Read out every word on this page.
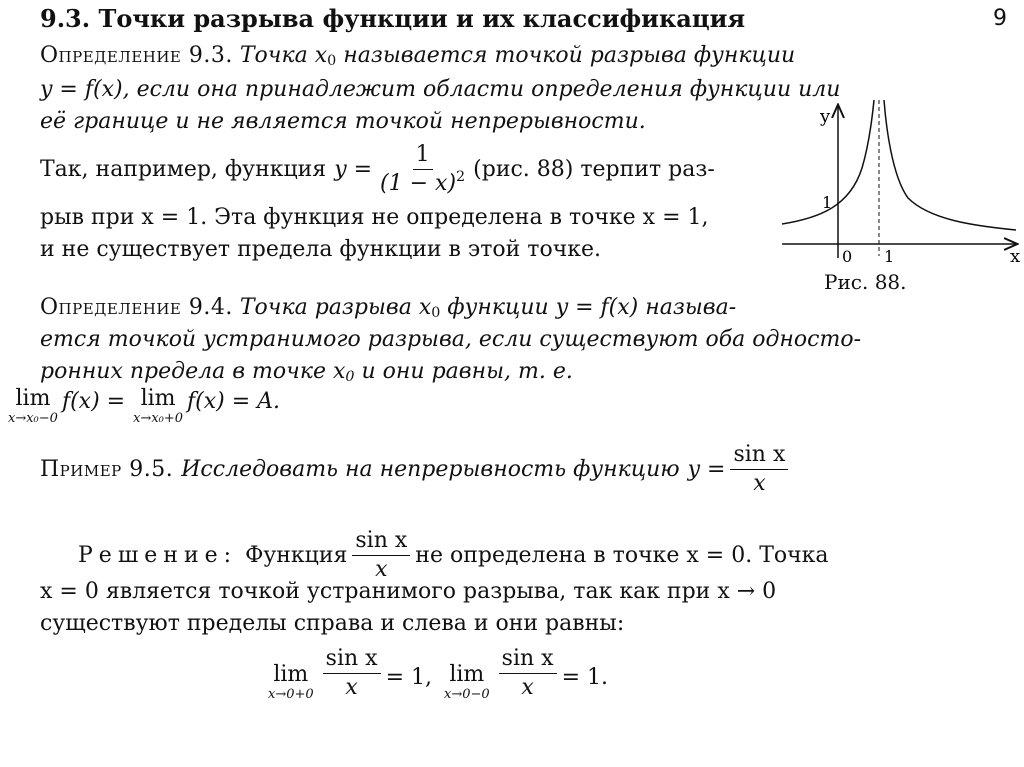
9.3. Точки разрыва функции и их классификация	9
Определение 9.3. Точка $x_0$ называется точкой разрыва функции
y = f(x), если она принадлежит области определения функции или
её границе и не является точкой непрерывности.
Так, например, функция $y = \frac{1}{(1 - x)^2} (рис$. 88) терпит раз-
рыв при x = 1. Эта функция не определена в точке x = 1,
и не существует предела функции в этой точке.
y
x
0 1
1
Рис. 88.
Определение 9.4. Точка разрыва $x_0$ функции y = f(x) называ-
ется точкой устранимого разрыва, если существуют оба односто-
ронних предела в точке $x_0$ и они равны, т. е.
lim
x→x₀−0
f(x) = lim
x→x₀+0
f(x) = A.
Пример 9.5. Исследовать на непрерывность функцию $y = \frac{\text{sin x}}{x}$
Решение: Функция $\frac{\text{sin x}}{x}$ не определена в точке x = 0. Точка
x = 0 является точкой устранимого разрыва, так как при x → 0
существуют пределы справа и слева и они равны:
lim
$x\to 0+0 \frac{\text{sin x}}{x} = 1$, lim
$x\to 0-0 \frac{\text{sin x}}{x} = 1$.
